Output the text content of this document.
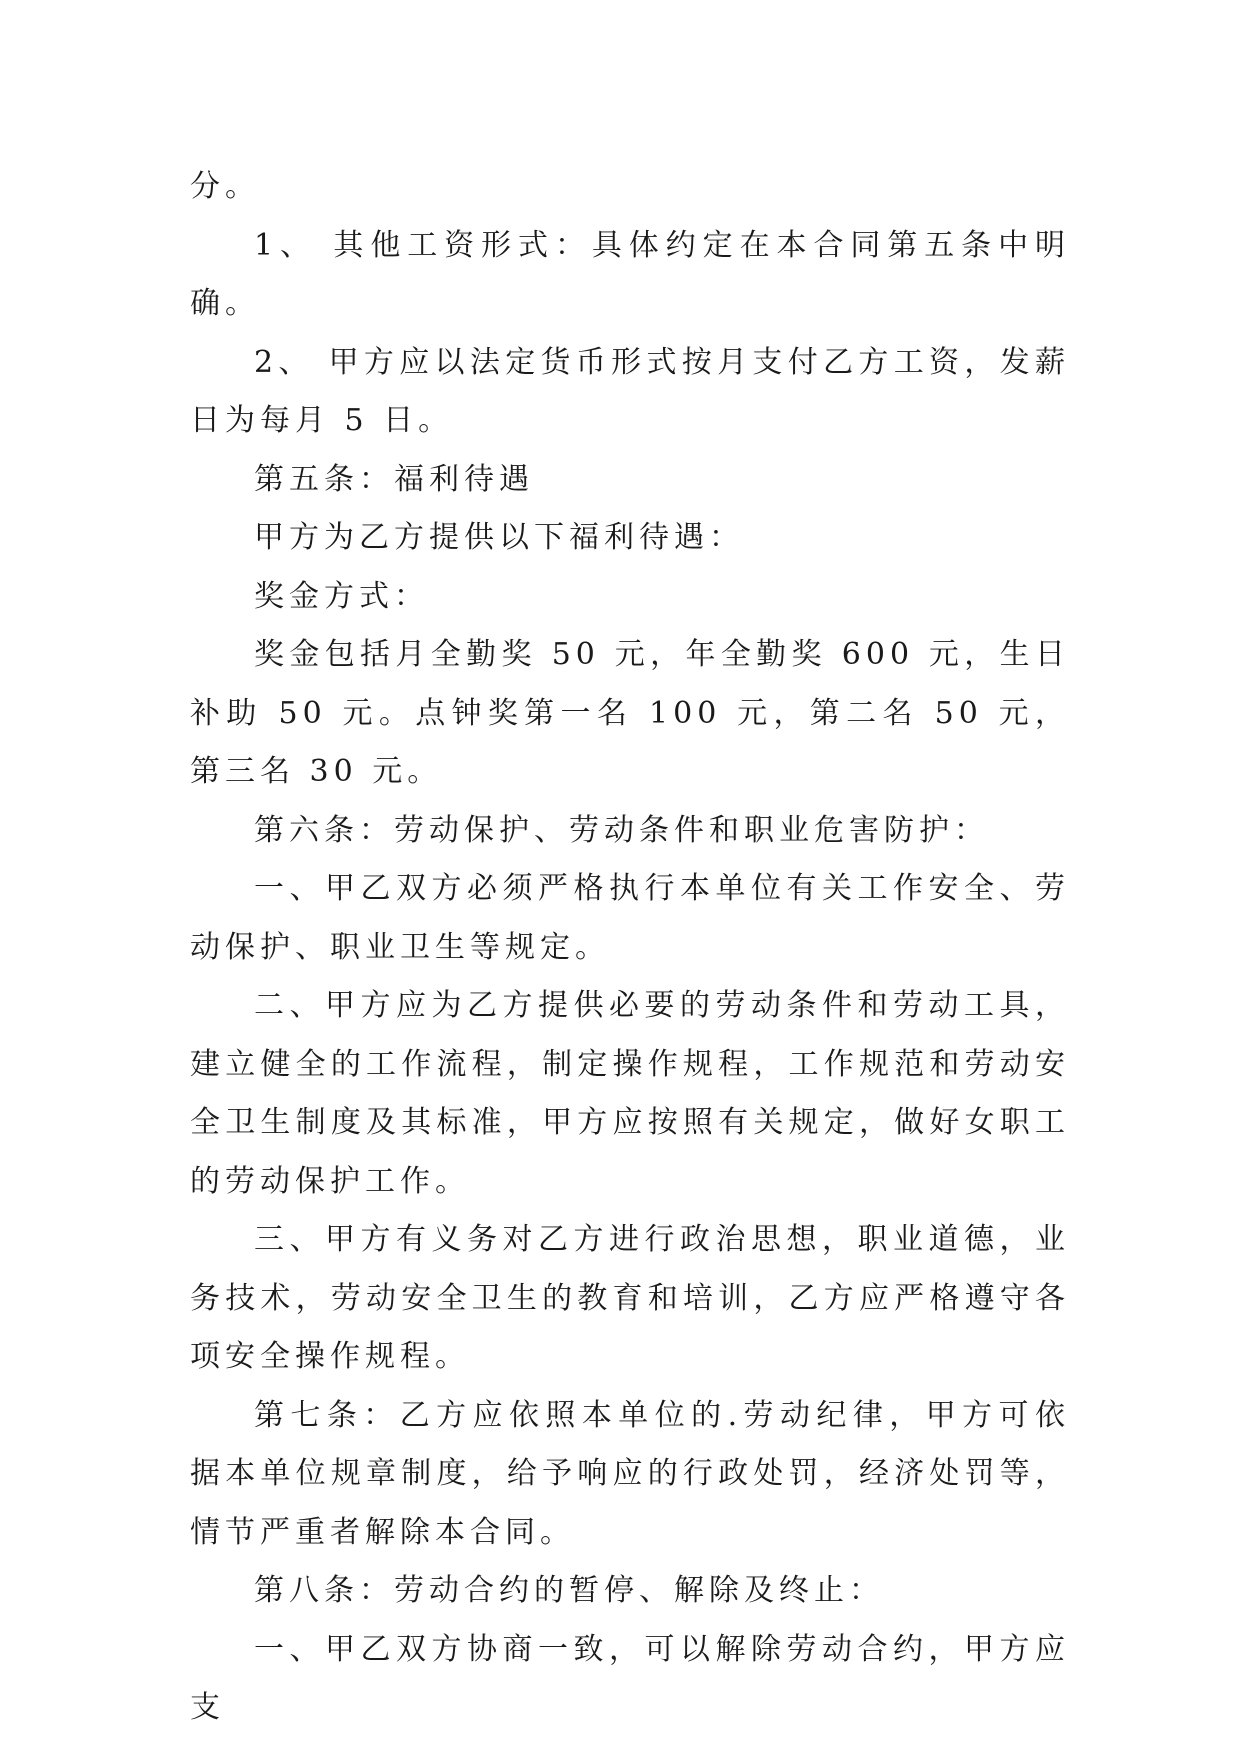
分。

1、 其他工资形式：具体约定在本合同第五条中明确。

2、 甲方应以法定货币形式按月支付乙方工资，发薪日为每月 5 日。

第五条：福利待遇

甲方为乙方提供以下福利待遇：

奖金方式：

奖金包括月全勤奖 50 元，年全勤奖 600 元，生日补助 50 元。点钟奖第一名 100 元，第二名 50 元，第三名 30 元。

第六条：劳动保护、劳动条件和职业危害防护：

一、甲乙双方必须严格执行本单位有关工作安全、劳动保护、职业卫生等规定。

二、甲方应为乙方提供必要的劳动条件和劳动工具，建立健全的工作流程，制定操作规程，工作规范和劳动安全卫生制度及其标准，甲方应按照有关规定，做好女职工的劳动保护工作。

三、甲方有义务对乙方进行政治思想，职业道德，业务技术，劳动安全卫生的教育和培训，乙方应严格遵守各项安全操作规程。

第七条：乙方应依照本单位的.劳动纪律，甲方可依据本单位规章制度，给予响应的行政处罚，经济处罚等，情节严重者解除本合同。

第八条：劳动合约的暂停、解除及终止：

一、甲乙双方协商一致，可以解除劳动合约，甲方应支
